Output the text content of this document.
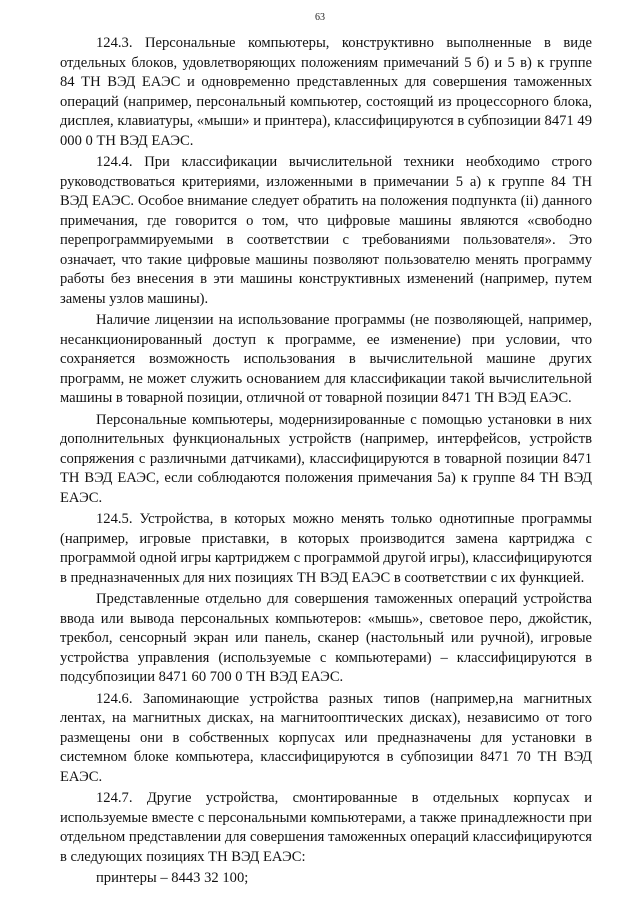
63

124.3. Персональные компьютеры, конструктивно выполненные в виде отдельных блоков, удовлетворяющих положениям примечаний 5 б) и 5 в) к группе 84 ТН ВЭД ЕАЭС и одновременно представленных для совершения таможенных операций (например, персональный компьютер, состоящий из процессорного блока, дисплея, клавиатуры, «мыши» и принтера), классифицируются в субпозиции 8471 49 000 0 ТН ВЭД ЕАЭС.

124.4. При классификации вычислительной техники необходимо строго руководствоваться критериями, изложенными в примечании 5 а) к группе 84 ТН ВЭД ЕАЭС. Особое внимание следует обратить на положения подпункта (ii) данного примечания, где говорится о том, что цифровые машины являются «свободно перепрограммируемыми в соответствии с требованиями пользователя». Это означает, что такие цифровые машины позволяют пользователю менять программу работы без внесения в эти машины конструктивных изменений (например, путем замены узлов машины).

Наличие лицензии на использование программы (не позволяющей, например, несанкционированный доступ к программе, ее изменение) при условии, что сохраняется возможность использования в вычислительной машине других программ, не может служить основанием для классификации такой вычислительной машины в товарной позиции, отличной от товарной позиции 8471 ТН ВЭД ЕАЭС.

Персональные компьютеры, модернизированные с помощью установки в них дополнительных функциональных устройств (например, интерфейсов, устройств сопряжения с различными датчиками), классифицируются в товарной позиции 8471 ТН ВЭД ЕАЭС, если соблюдаются положения примечания 5а) к группе 84 ТН ВЭД ЕАЭС.

124.5. Устройства, в которых можно менять только однотипные программы (например, игровые приставки, в которых производится замена картриджа с программой одной игры картриджем с программой другой игры), классифицируются в предназначенных для них позициях ТН ВЭД ЕАЭС в соответствии с их функцией.

Представленные отдельно для совершения таможенных операций устройства ввода или вывода персональных компьютеров: «мышь», световое перо, джойстик, трекбол, сенсорный экран или панель, сканер (настольный или ручной), игровые устройства управления (используемые с компьютерами) – классифицируются в подсубпозиции 8471 60 700 0 ТН ВЭД ЕАЭС.

124.6. Запоминающие устройства разных типов (например,на магнитных лентах, на магнитных дисках, на магнитооптических дисках), независимо от того размещены они в собственных корпусах или предназначены для установки в системном блоке компьютера, классифицируются в субпозиции 8471 70 ТН ВЭД ЕАЭС.

124.7. Другие устройства, смонтированные в отдельных корпусах и используемые вместе с персональными компьютерами, а также принадлежности при отдельном представлении для совершения таможенных операций классифицируются в следующих позициях ТН ВЭД ЕАЭС:

принтеры – 8443 32 100;
